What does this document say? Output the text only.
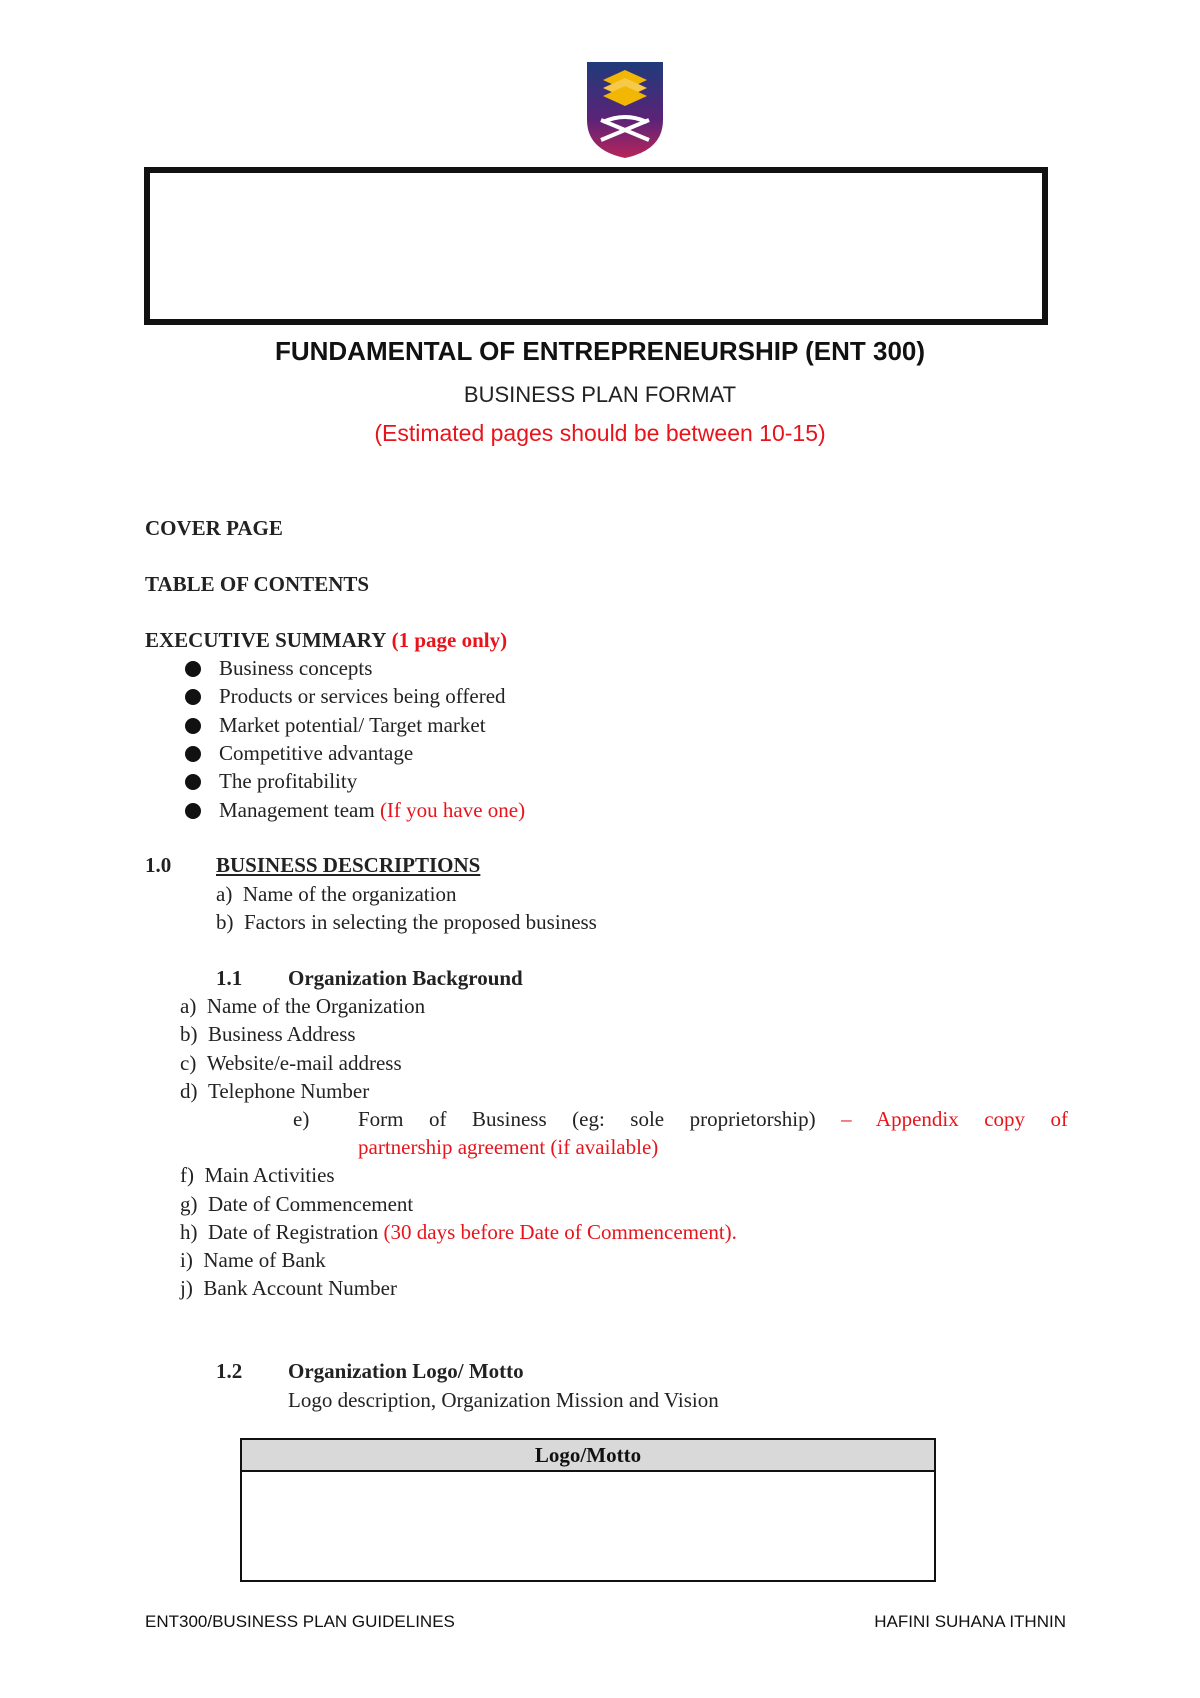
FUNDAMENTAL OF ENTREPRENEURSHIP (ENT 300)
BUSINESS PLAN FORMAT
(Estimated pages should be between 10-15)
COVER PAGE
TABLE OF CONTENTS
EXECUTIVE SUMMARY (1 page only)
Business concepts
Products or services being offered
Market potential/ Target market
Competitive advantage
The profitability
Management team (If you have one)
1.0 BUSINESS DESCRIPTIONS
a) Name of the organization
b) Factors in selecting the proposed business
1.1 Organization Background
a) Name of the Organization
b) Business Address
c) Website/e-mail address
d) Telephone Number
e) Form of Business (eg: sole proprietorship) – Appendix copy of
partnership agreement (if available)
f) Main Activities
g) Date of Commencement
h) Date of Registration (30 days before Date of Commencement).
i) Name of Bank
j) Bank Account Number
1.2 Organization Logo/ Motto
Logo description, Organization Mission and Vision
Logo/Motto
ENT300/BUSINESS PLAN GUIDELINES	HAFINI SUHANA ITHNIN
